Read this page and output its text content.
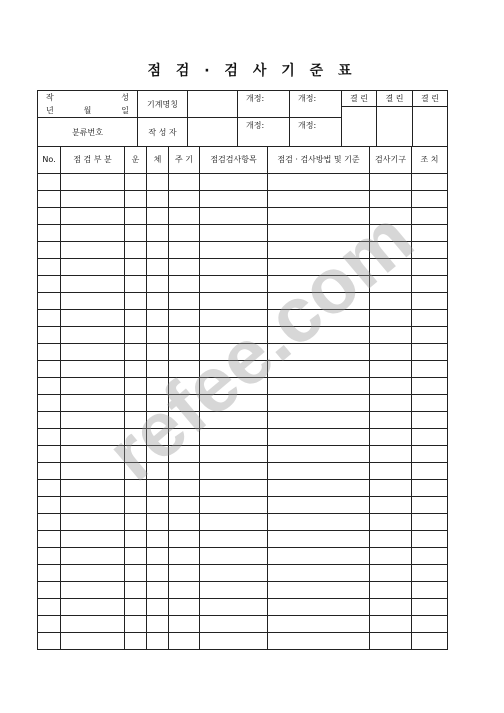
점 검 · 검 사 기 준 표
작 성
년 월 일	기계명칭		개정:	개정:	결 린	결 린	결 린

분류번호	작 성 자		개정:	개정:			
No.	점 검 부 분	운	체	주 기	점검검사항목	점검 · 검사방법 및 기준	검사기구	조 치

refee.com
